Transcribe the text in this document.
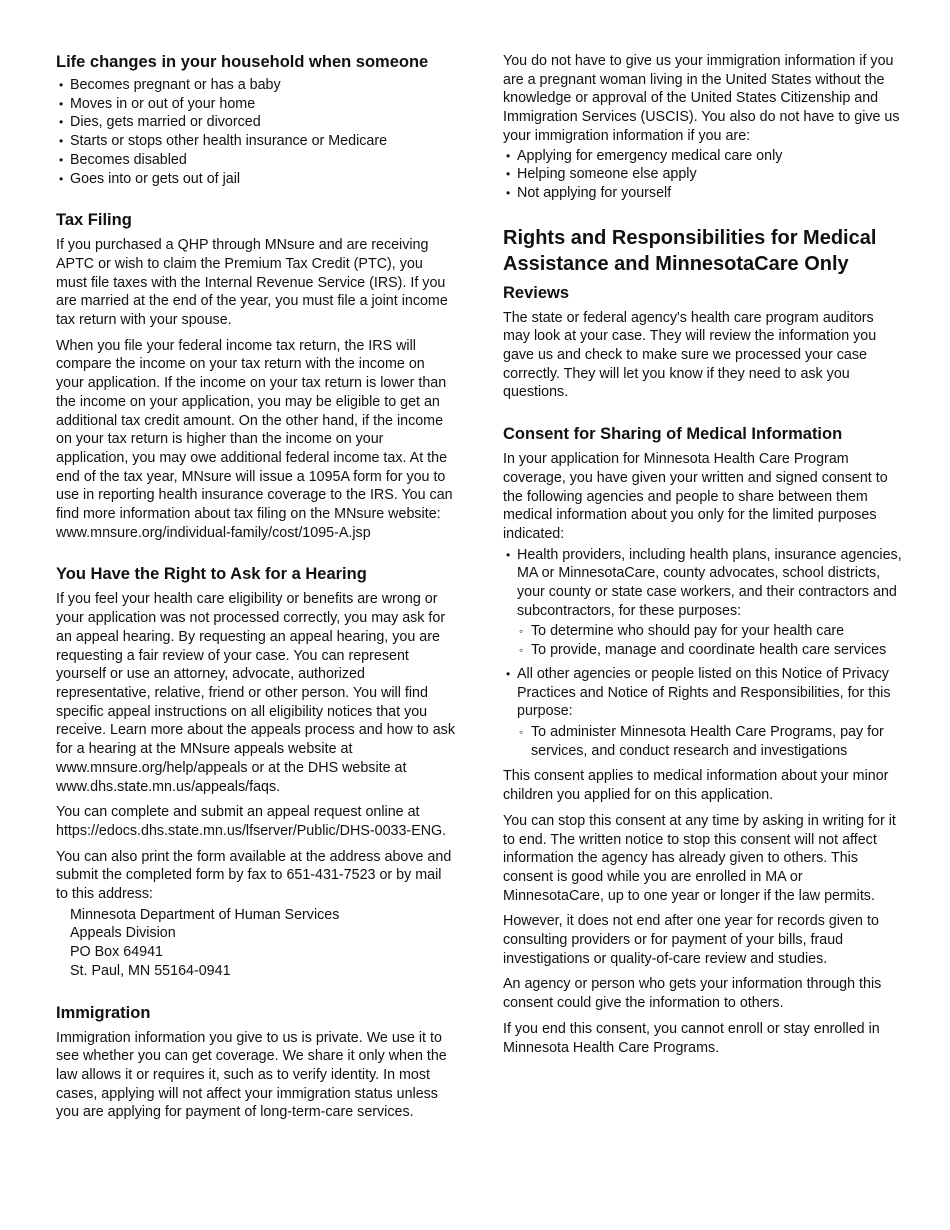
Life changes in your household when someone
• Becomes pregnant or has a baby
• Moves in or out of your home
• Dies, gets married or divorced
• Starts or stops other health insurance or Medicare
• Becomes disabled
• Goes into or gets out of jail
Tax Filing

If you purchased a QHP through MNsure and are receiving APTC or wish to claim the Premium Tax Credit (PTC), you must file taxes with the Internal Revenue Service (IRS). If you are married at the end of the year, you must file a joint income tax return with your spouse.

When you file your federal income tax return, the IRS will compare the income on your tax return with the income on your application. If the income on your tax return is lower than the income on your application, you may be eligible to get an additional tax credit amount. On the other hand, if the income on your tax return is higher than the income on your application, you may owe additional federal income tax. At the end of the tax year, MNsure will issue a 1095A form for you to use in reporting health insurance coverage to the IRS. You can find more information about tax filing on the MNsure website: www.mnsure.org/individual-family/cost/1095-A.jsp

You Have the Right to Ask for a Hearing

If you feel your health care eligibility or benefits are wrong or your application was not processed correctly, you may ask for an appeal hearing. By requesting an appeal hearing, you are requesting a fair review of your case. You can represent yourself or use an attorney, advocate, authorized representative, relative, friend or other person. You will find specific appeal instructions on all eligibility notices that you receive. Learn more about the appeals process and how to ask for a hearing at the MNsure appeals website at www.mnsure.org/help/appeals or at the DHS website at www.dhs.state.mn.us/appeals/faqs.

You can complete and submit an appeal request online at https://edocs.dhs.state.mn.us/lfserver/Public/DHS-0033-ENG.

You can also print the form available at the address above and submit the completed form by fax to 651-431-7523 or by mail to this address:

Minnesota Department of Human Services

Appeals Division

PO Box 64941

St. Paul, MN 55164-0941

Immigration

Immigration information you give to us is private. We use it to see whether you can get coverage. We share it only when the law allows it or requires it, such as to verify identity. In most cases, applying will not affect your immigration status unless you are applying for payment of long-term-care services.

You do not have to give us your immigration information if you are a pregnant woman living in the United States without the knowledge or approval of the United States Citizenship and Immigration Services (USCIS). You also do not have to give us your immigration information if you are:

• Applying for emergency medical care only
• Helping someone else apply
• Not applying for yourself
Rights and Responsibilities for Medical Assistance and MinnesotaCare Only
Reviews

The state or federal agency's health care program auditors may look at your case. They will review the information you gave us and check to make sure we processed your case correctly. They will let you know if they need to ask you questions.

Consent for Sharing of Medical Information

In your application for Minnesota Health Care Program coverage, you have given your written and signed consent to the following agencies and people to share between them medical information about you only for the limited purposes indicated:

• Health providers, including health plans, insurance agencies, MA or MinnesotaCare, county advocates, school districts, your county or state case workers, and their contractors and subcontractors, for these purposes:
◦ To determine who should pay for your health care
◦ To provide, manage and coordinate health care services
• All other agencies or people listed on this Notice of Privacy Practices and Notice of Rights and Responsibilities, for this purpose:
◦ To administer Minnesota Health Care Programs, pay for services, and conduct research and investigations

This consent applies to medical information about your minor children you applied for on this application.

You can stop this consent at any time by asking in writing for it to end. The written notice to stop this consent will not affect information the agency has already given to others. This consent is good while you are enrolled in MA or MinnesotaCare, up to one year or longer if the law permits.

However, it does not end after one year for records given to consulting providers or for payment of your bills, fraud investigations or quality-of-care review and studies.

An agency or person who gets your information through this consent could give the information to others.

If you end this consent, you cannot enroll or stay enrolled in Minnesota Health Care Programs.
